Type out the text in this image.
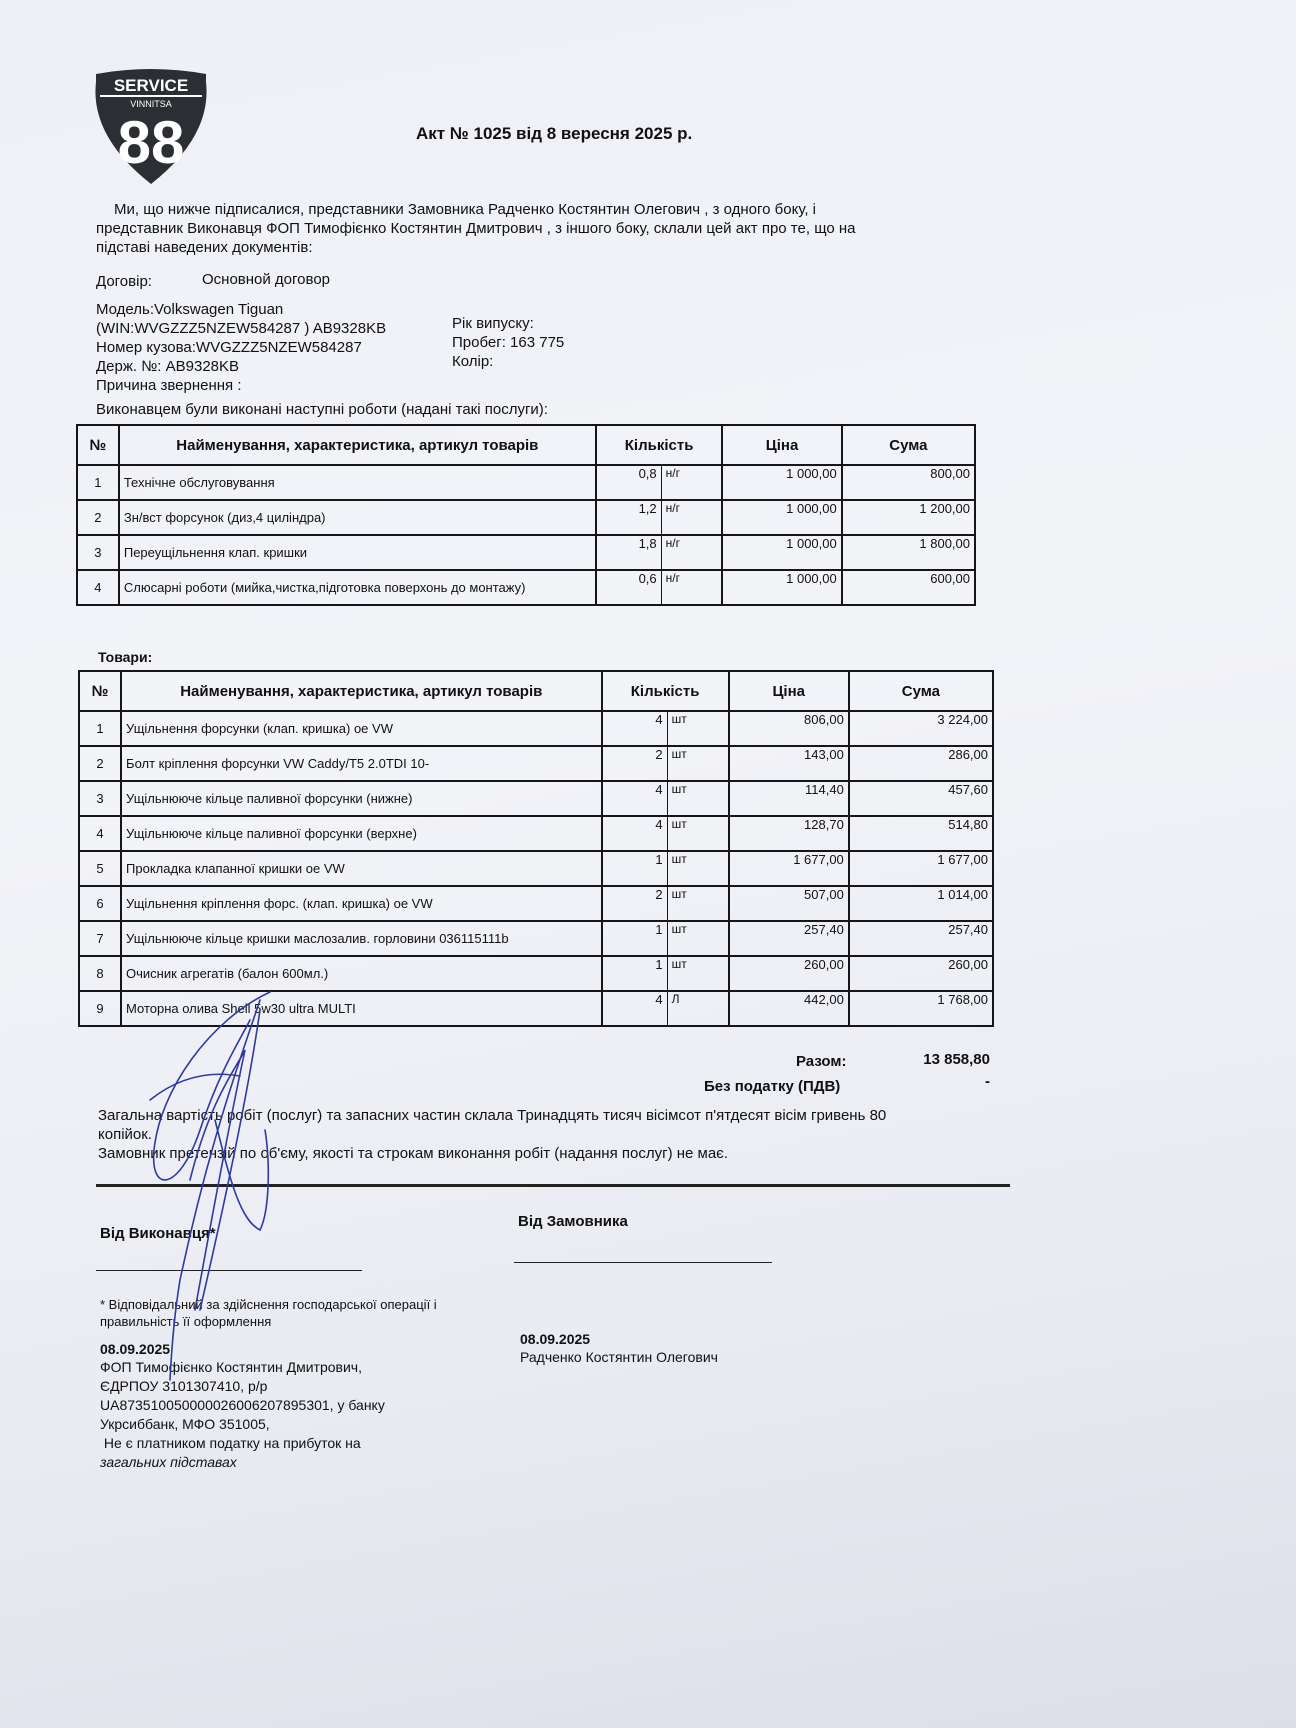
SERVICE
VINNITSA
88	Акт № 1025 від 8 вересня 2025 р.
Ми, що нижче підписалися, представники Замовника Радченко Костянтин Олегович , з одного боку, і
представник Виконавця ФОП Тимофієнко Костянтин Дмитрович , з іншого боку, склали цей акт про те, що на
підставі наведених документів:
Договір:	Основной договор
Модель:Volkswagen Tiguan
(WIN:WVGZZZ5NZEW584287 ) AB9328KB
Номер кузова:WVGZZZ5NZEW584287
Держ. №: AB9328KB
Причина звернення :
Рік випуску:
Пробег: 163 775
Колір:
Виконавцем були виконані наступні роботи (надані такі послуги):
№	Найменування, характеристика, артикул товарів	Кількість		Ціна	Сума
1	Технічне обслуговування	0,8	н/г	1 000,00	800,00
2	Зн/вст форсунок (диз,4 циліндра)	1,2	н/г	1 000,00	1 200,00
3	Переущільнення клап. кришки	1,8	н/г	1 000,00	1 800,00
4	Слюсарні роботи (мийка,чистка,підготовка поверхонь до монтажу)	0,6	н/г	1 000,00	600,00
Товари:
№	Найменування, характеристика, артикул товарів	Кількість		Ціна	Сума
1	Ущільнення форсунки (клап. кришка) ое VW	4	шт	806,00	3 224,00
2	Болт кріплення форсунки VW Caddy/T5 2.0TDI 10-	2	шт	143,00	286,00
3	Ущільнююче кільце паливної форсунки (нижне)	4	шт	114,40	457,60
4	Ущільнююче кільце паливної форсунки (верхне)	4	шт	128,70	514,80
5	Прокладка клапанної кришки ое VW	1	шт	1 677,00	1 677,00
6	Ущільнення кріплення форс. (клап. кришка) ое VW	2	шт	507,00	1 014,00
7	Ущільнююче кільце кришки маслозалив. горловини 036115111b	1	шт	257,40	257,40
8	Очисник агрегатів (балон 600мл.)	1	шт	260,00	260,00
9	Моторна олива Shell 5w30 ultra MULTI	4	Л	442,00	1 768,00
Разом:	13 858,80
Без податку (ПДВ)	-
Загальна вартість робіт (послуг) та запасних частин склала Тринадцять тисяч вісімсот п'ятдесят вісім гривень 80
копійок.
Замовник претензій по об'єму, якості та строкам виконання робіт (надання послуг) не має.
Від Виконавця*
* Відповідальний за здійснення господарської операції і
правильність її оформлення
08.09.2025
ФОП Тимофієнко Костянтин Дмитрович,
ЄДРПОУ 3101307410, р/р
UA873510050000026006207895301, у банку
Укрсиббанк, МФО 351005,
Не є платником податку на прибуток на
загальних підставах
Від Замовника
08.09.2025
Радченко Костянтин Олегович
